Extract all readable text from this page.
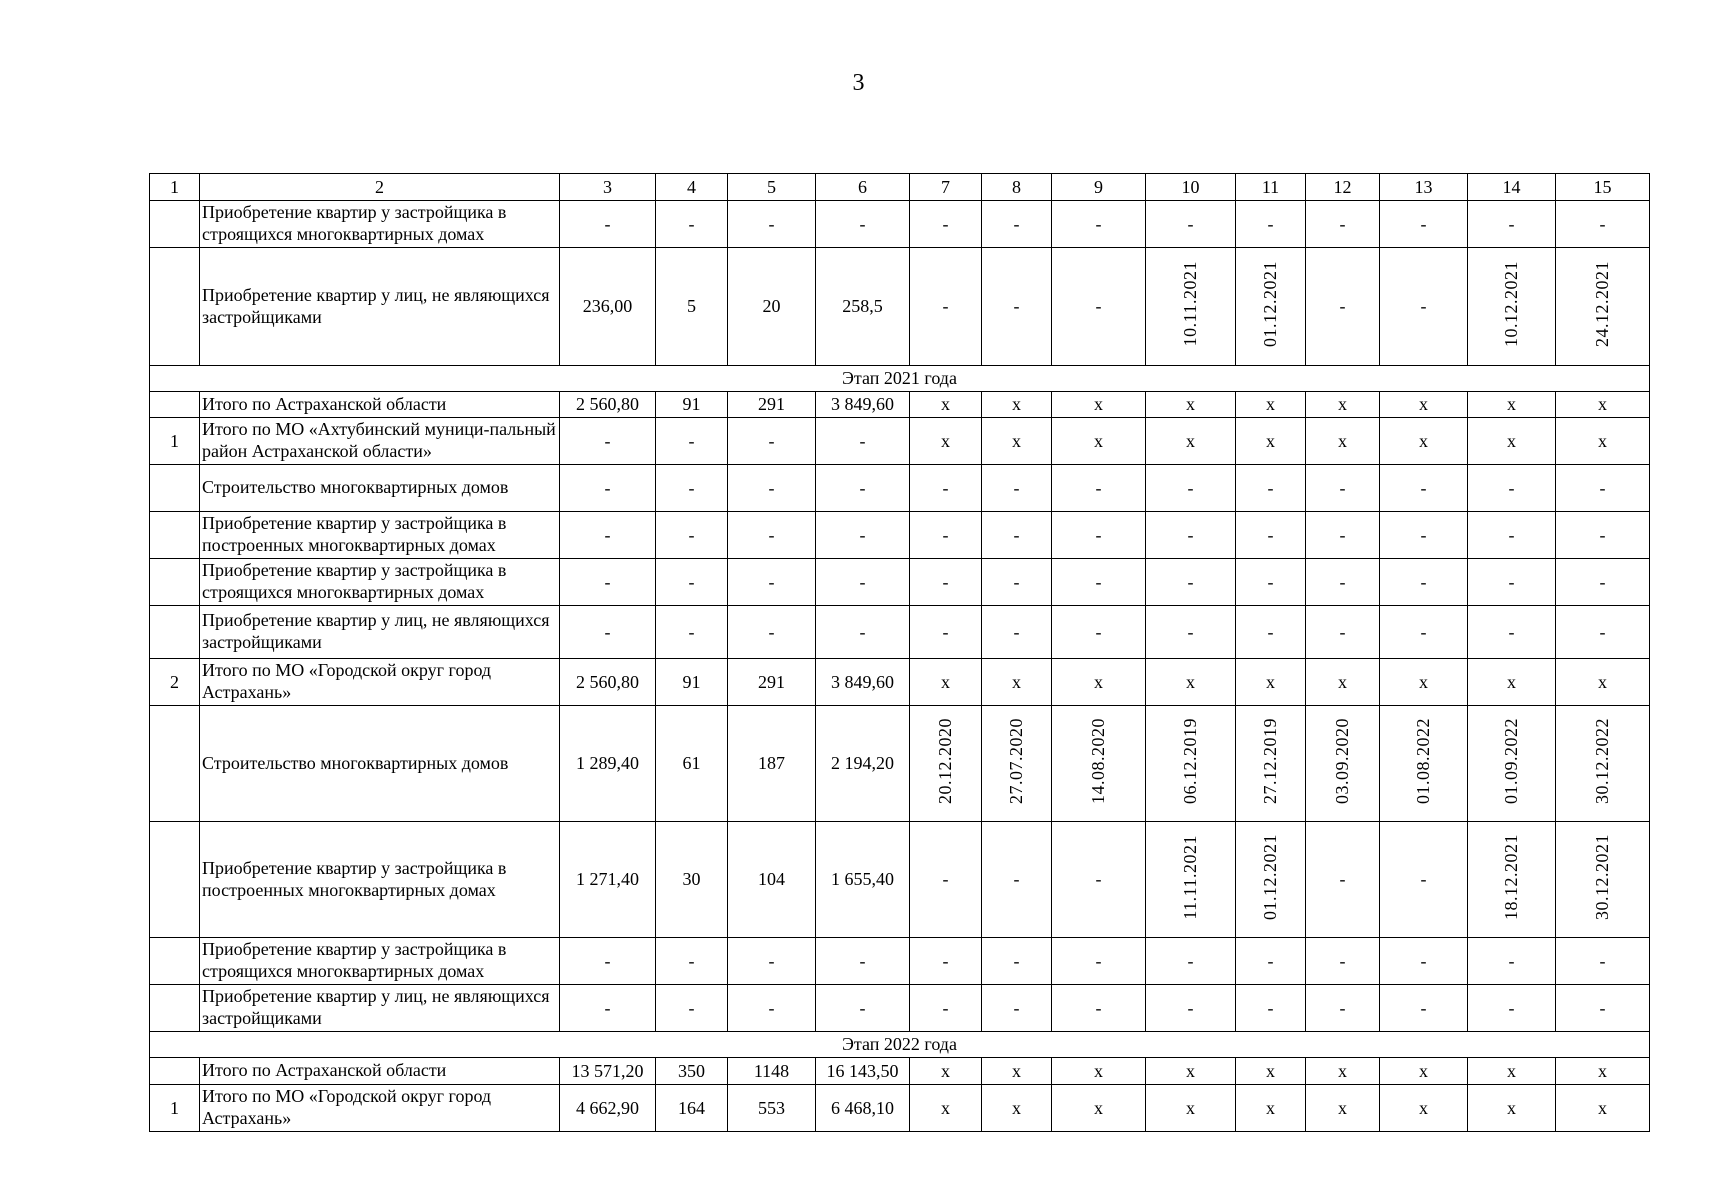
3
1	2	3	4	5	6	7	8	9	10	11	12	13	14	15
	Приобретение квартир у застройщика в строящихся многоквартирных домах	-	-	-	-	-	-	-	-	-	-	-	-	-
	Приобретение квартир у лиц, не являющихся застройщиками	236,00	5	20	258,5	-	-	-	10.11.2021	01.12.2021	-	-	10.12.2021	24.12.2021
Этап 2021 года														
	Итого по Астраханской области	2 560,80	91	291	3 849,60	x	x	x	x	x	x	x	x	x
1	Итого по МО «Ахтубинский муници-пальный район Астраханской области»	-	-	-	-	x	x	x	x	x	x	x	x	x
	Строительство многоквартирных домов	-	-	-	-	-	-	-	-	-	-	-	-	-
	Приобретение квартир у застройщика в построенных многоквартирных домах	-	-	-	-	-	-	-	-	-	-	-	-	-
	Приобретение квартир у застройщика в строящихся многоквартирных домах	-	-	-	-	-	-	-	-	-	-	-	-	-
	Приобретение квартир у лиц, не являющихся застройщиками	-	-	-	-	-	-	-	-	-	-	-	-	-
2	Итого по МО «Городской округ город Астрахань»	2 560,80	91	291	3 849,60	x	x	x	x	x	x	x	x	x
	Строительство многоквартирных домов	1 289,40	61	187	2 194,20	20.12.2020	27.07.2020	14.08.2020	06.12.2019	27.12.2019	03.09.2020	01.08.2022	01.09.2022	30.12.2022
	Приобретение квартир у застройщика в построенных многоквартирных домах	1 271,40	30	104	1 655,40	-	-	-	11.11.2021	01.12.2021	-	-	18.12.2021	30.12.2021
	Приобретение квартир у застройщика в строящихся многоквартирных домах	-	-	-	-	-	-	-	-	-	-	-	-	-
	Приобретение квартир у лиц, не являющихся застройщиками	-	-	-	-	-	-	-	-	-	-	-	-	-
Этап 2022 года														
	Итого по Астраханской области	13 571,20	350	1148	16 143,50	x	x	x	x	x	x	x	x	x
1	Итого по МО «Городской округ город Астрахань»	4 662,90	164	553	6 468,10	x	x	x	x	x	x	x	x	x
